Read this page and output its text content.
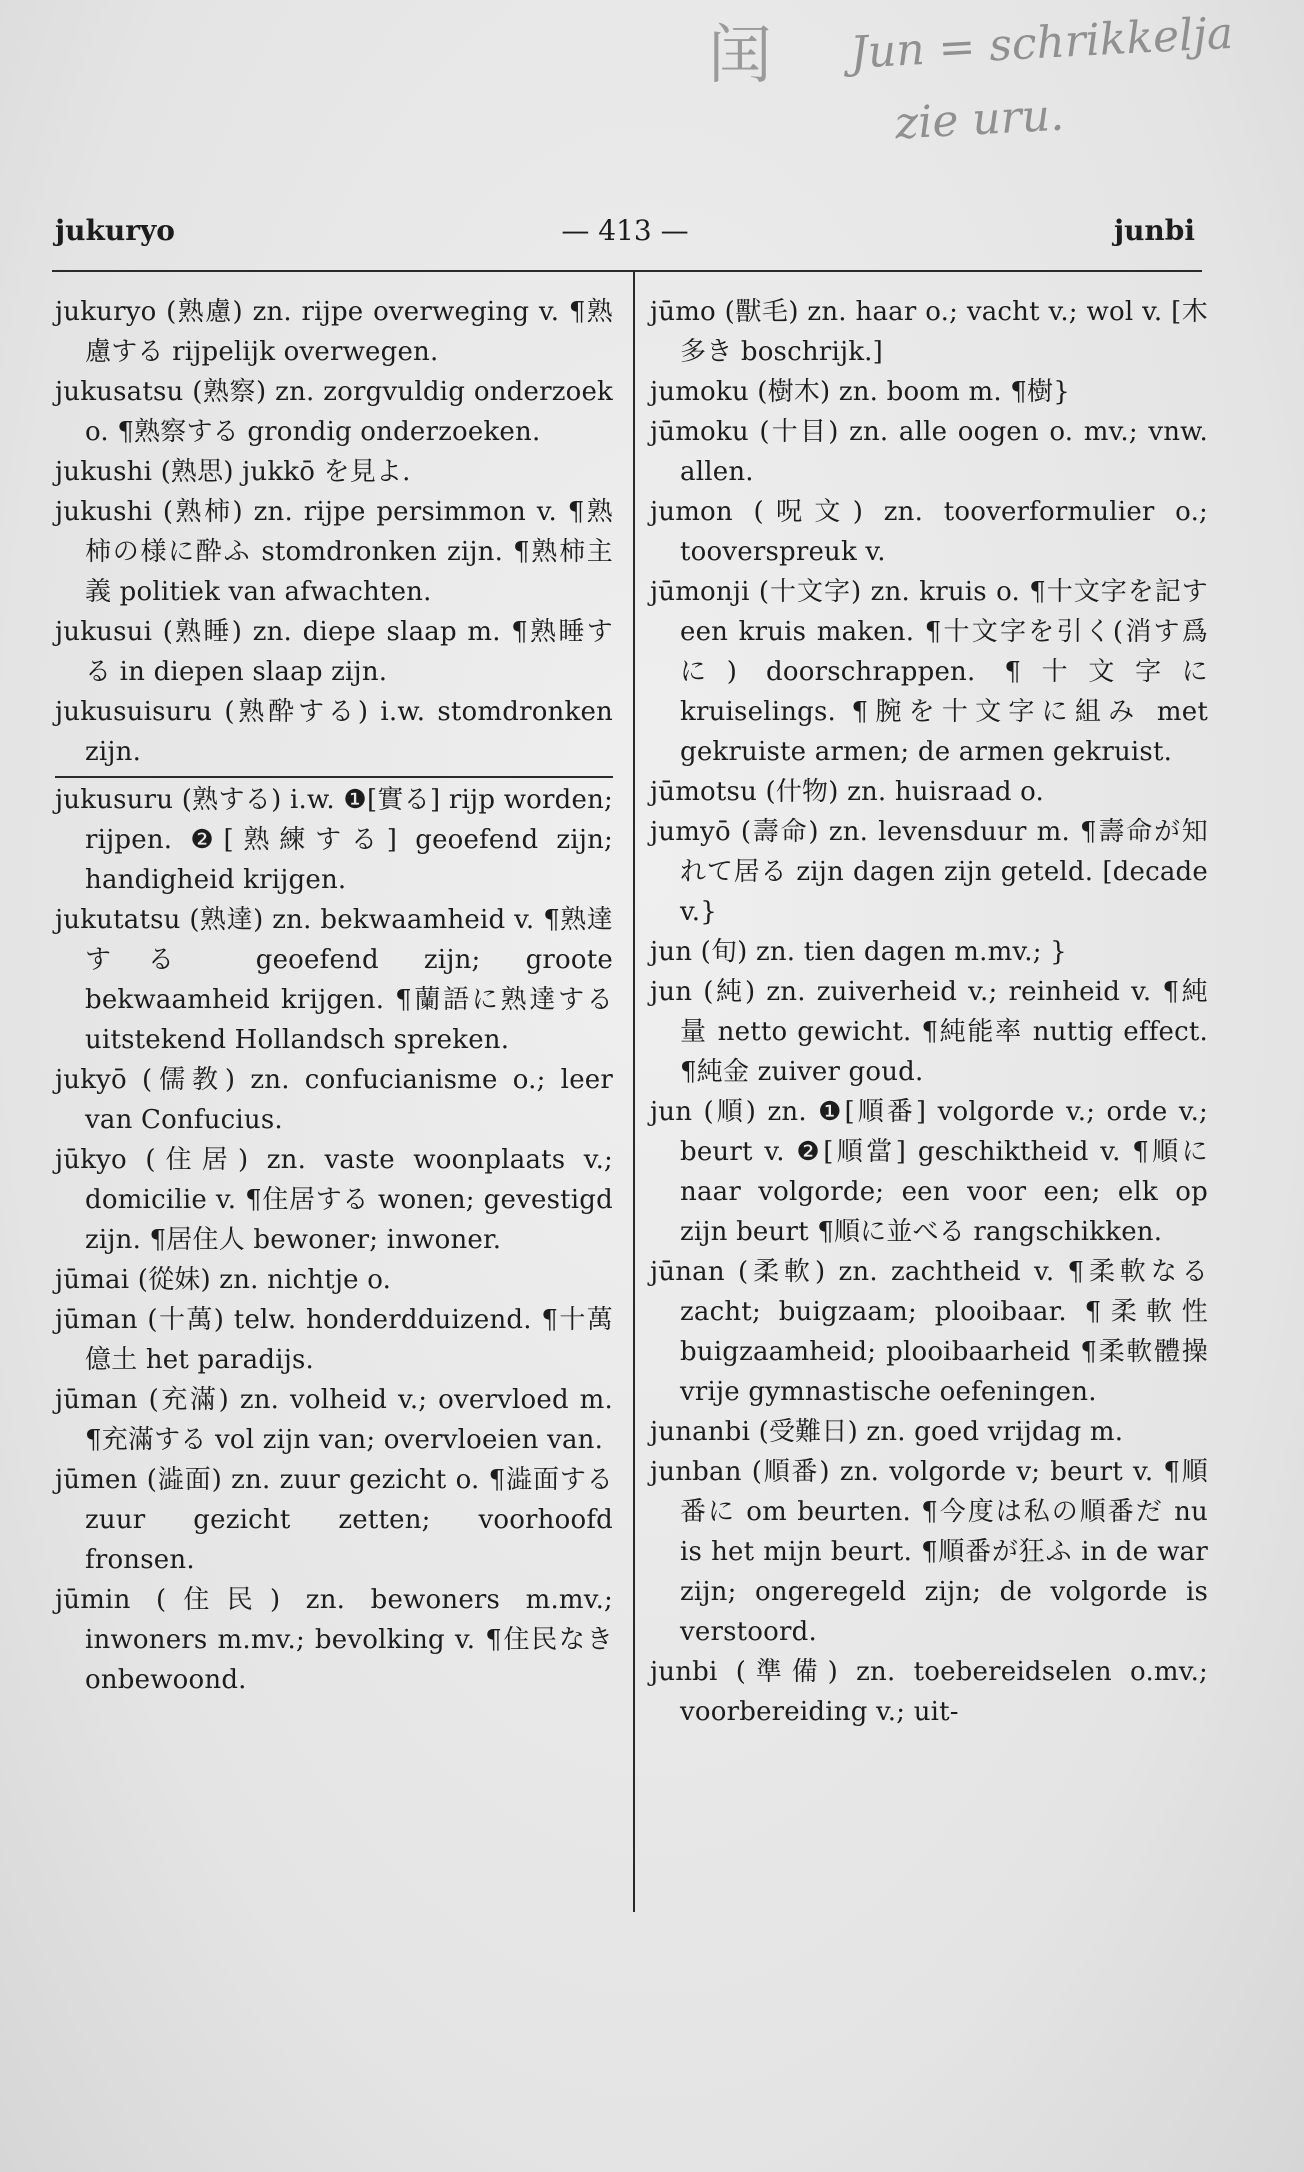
闰 Jun = schrikkelja
zie uru.
jukuryo	— 413 —	junbi

jukuryo (熟慮) zn. rijpe overweging v. ¶熟慮する rijpelijk overwegen.

jukusatsu (熟察) zn. zorgvuldig onderzoek o. ¶熟察する grondig onderzoeken.

jukushi (熟思) jukkō を見よ.

jukushi (熟柿) zn. rijpe persimmon v. ¶熟柿の様に酔ふ stomdronken zijn. ¶熟柿主義 politiek van afwachten.

jukusui (熟睡) zn. diepe slaap m. ¶熟睡する in diepen slaap zijn.

jukusuisuru (熟酔する) i.w. stomdronken zijn.

jukusuru (熟する) i.w. ❶[實る] rijp worden; rijpen. ❷[熟練する] geoefend zijn; handigheid krijgen.

jukutatsu (熟達) zn. bekwaamheid v. ¶熟達する geoefend zijn; groote bekwaamheid krijgen. ¶蘭語に熟達する uitstekend Hollandsch spreken.

jukyō (儒教) zn. confucianisme o.; leer van Confucius.

jūkyo (住居) zn. vaste woonplaats v.; domicilie v. ¶住居する wonen; gevestigd zijn. ¶居住人 bewoner; inwoner.

jūmai (從妹) zn. nichtje o.

jūman (十萬) telw. honderdduizend. ¶十萬億土 het paradijs.

jūman (充滿) zn. volheid v.; overvloed m. ¶充滿する vol zijn van; overvloeien van.

jūmen (澁面) zn. zuur gezicht o. ¶澁面する zuur gezicht zetten; voorhoofd fronsen.

jūmin (住民) zn. bewoners m.mv.; inwoners m.mv.; bevolking v. ¶住民なき onbewoond.

jūmo (獸毛) zn. haar o.; vacht v.; wol v. [木多き boschrijk.]

jumoku (樹木) zn. boom m. ¶樹}

jūmoku (十目) zn. alle oogen o. mv.; vnw. allen.

jumon (呪文) zn. tooverformulier o.; tooverspreuk v.

jūmonji (十文字) zn. kruis o. ¶十文字を記す een kruis maken. ¶十文字を引く(消す爲に) doorschrappen. ¶十文字に kruiselings. ¶腕を十文字に組み met gekruiste armen; de armen gekruist.

jūmotsu (什物) zn. huisraad o.

jumyō (壽命) zn. levensduur m. ¶壽命が知れて居る zijn dagen zijn geteld. [decade v.}

jun (旬) zn. tien dagen m.mv.; }

jun (純) zn. zuiverheid v.; reinheid v. ¶純量 netto gewicht. ¶純能率 nuttig effect. ¶純金 zuiver goud.

jun (順) zn. ❶[順番] volgorde v.; orde v.; beurt v. ❷[順當] geschiktheid v. ¶順に naar volgorde; een voor een; elk op zijn beurt ¶順に並べる rangschikken.

jūnan (柔軟) zn. zachtheid v. ¶柔軟なる zacht; buigzaam; plooibaar. ¶柔軟性 buigzaamheid; plooibaarheid ¶柔軟體操 vrije gymnastische oefeningen.

junanbi (受難日) zn. goed vrijdag m.

junban (順番) zn. volgorde v; beurt v. ¶順番に om beurten. ¶今度は私の順番だ nu is het mijn beurt. ¶順番が狂ふ in de war zijn; ongeregeld zijn; de volgorde is verstoord.

junbi (準備) zn. toebereidselen o.mv.; voorbereiding v.; uit-
